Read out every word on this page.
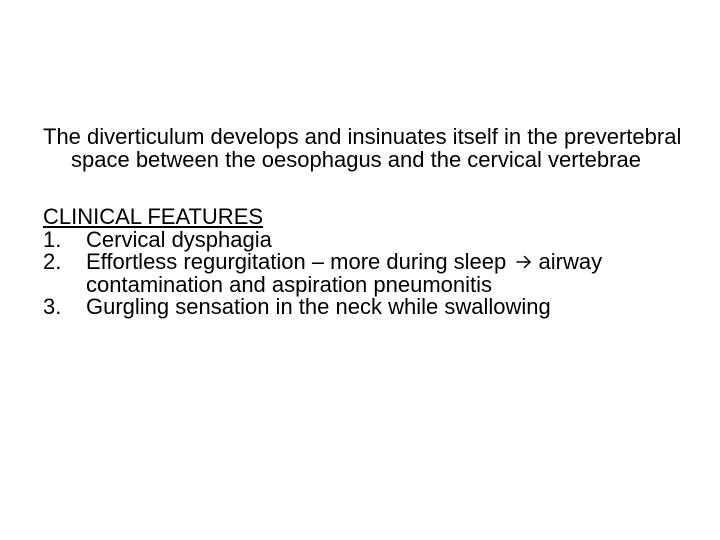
The diverticulum develops and insinuates itself in the prevertebral space between the oesophagus and the cervical vertebrae

CLINICAL FEATURES

1. Cervical dysphagia
2. Effortless regurgitation – more during sleep airway contamination and aspiration pneumonitis
3. Gurgling sensation in the neck while swallowing
